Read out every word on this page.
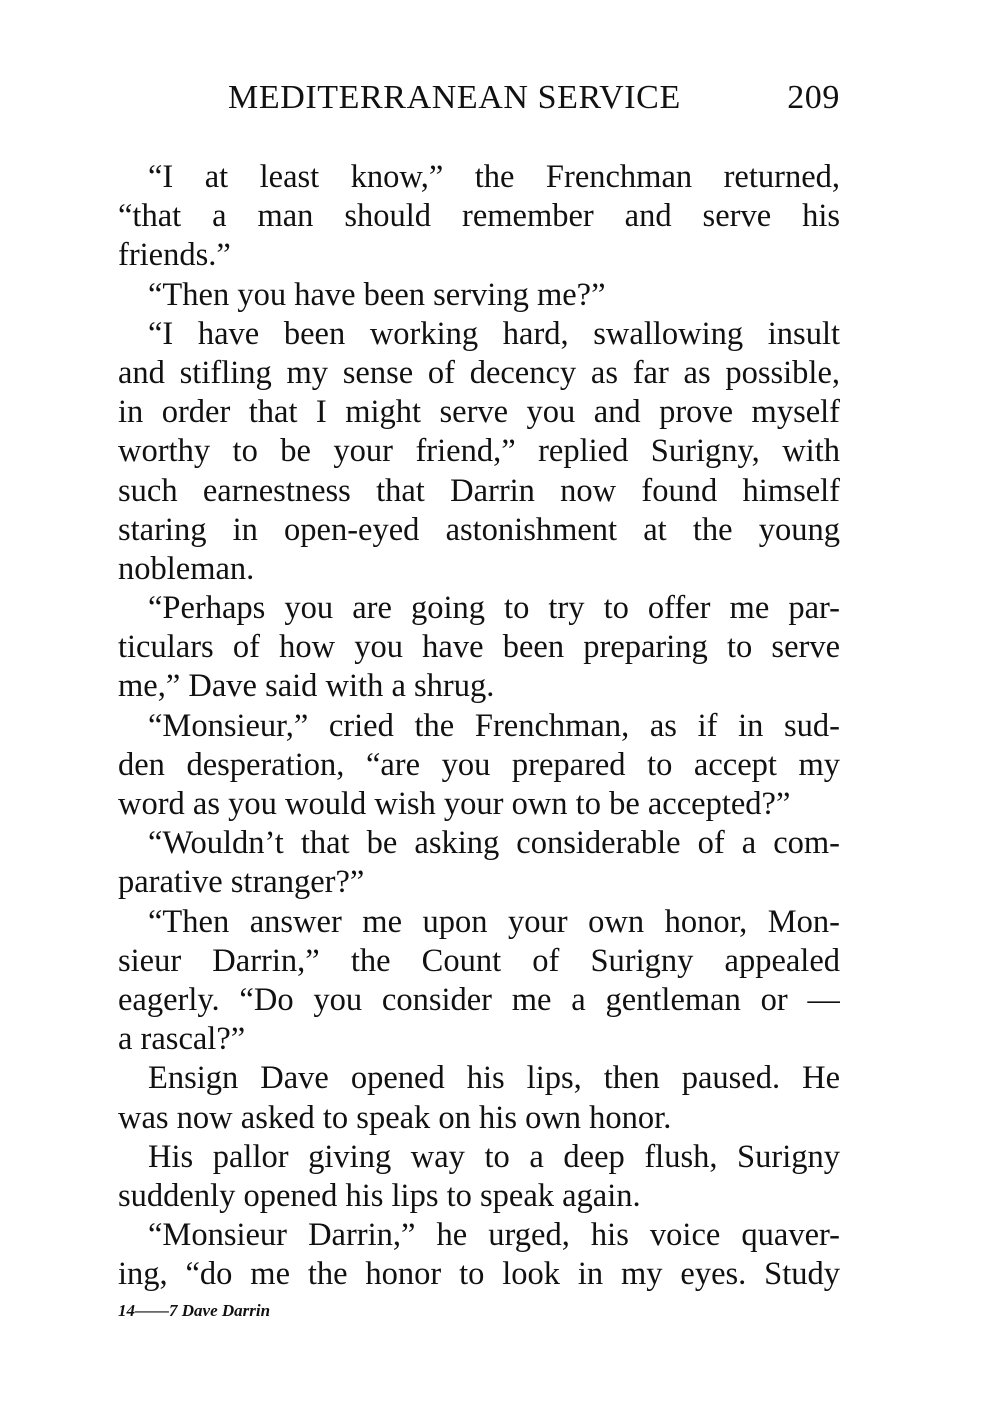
MEDITERRANEAN SERVICE	209
“I at least know,” the Frenchman returned,
“that a man should remember and serve his
friends.”
“Then you have been serving me?”
“I have been working hard, swallowing insult
and stifling my sense of decency as far as possible,
in order that I might serve you and prove myself
worthy to be your friend,” replied Surigny, with
such earnestness that Darrin now found himself
staring in open-eyed astonishment at the young
nobleman.
“Perhaps you are going to try to offer me par-
ticulars of how you have been preparing to serve
me,” Dave said with a shrug.
“Monsieur,” cried the Frenchman, as if in sud-
den desperation, “are you prepared to accept my
word as you would wish your own to be accepted?”
“Wouldn’t that be asking considerable of a com-
parative stranger?”
“Then answer me upon your own honor, Mon-
sieur Darrin,” the Count of Surigny appealed
eagerly. “Do you consider me a gentleman or —
a rascal?”
Ensign Dave opened his lips, then paused. He
was now asked to speak on his own honor.
His pallor giving way to a deep flush, Surigny
suddenly opened his lips to speak again.
“Monsieur Darrin,” he urged, his voice quaver-
ing, “do me the honor to look in my eyes. Study
14——7 Dave Darrin
